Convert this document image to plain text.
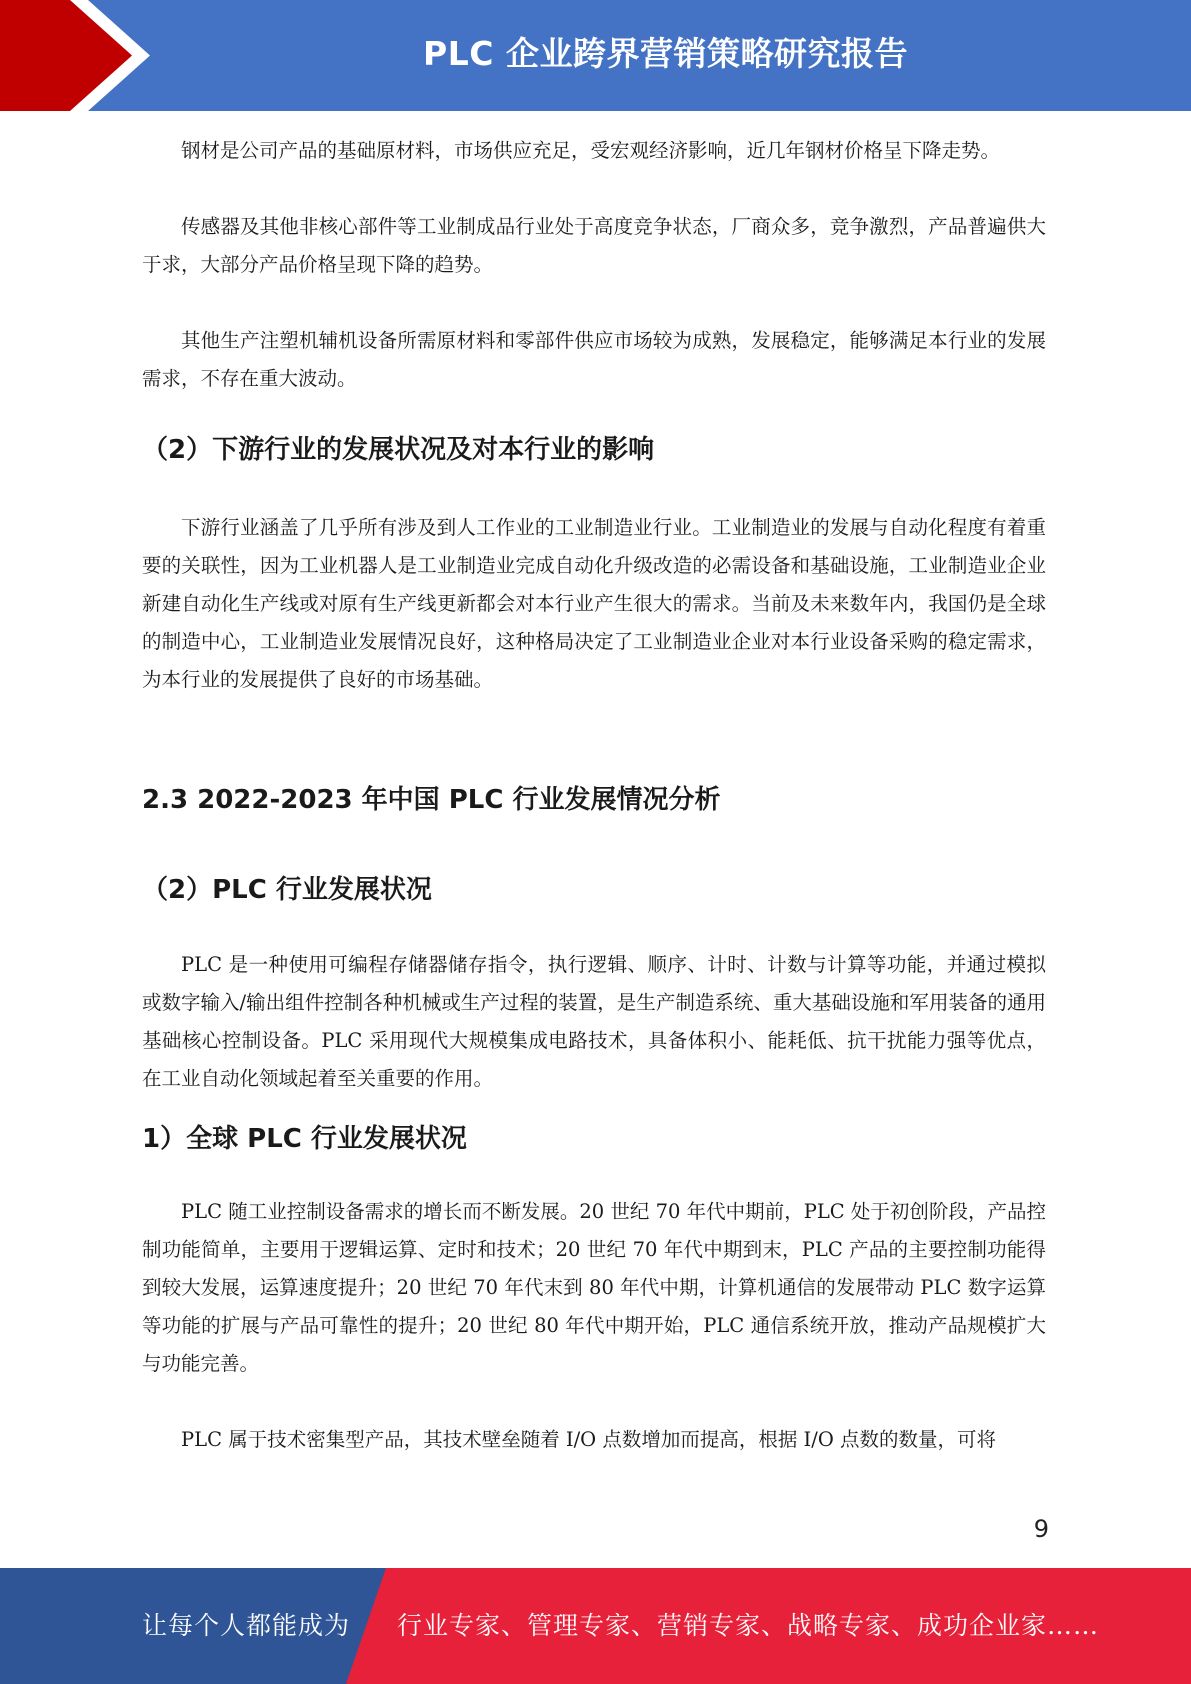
PLC 企业跨界营销策略研究报告

钢材是公司产品的基础原材料，市场供应充足，受宏观经济影响，近几年钢材价格呈下降走势。

传感器及其他非核心部件等工业制成品行业处于高度竞争状态，厂商众多，竞争激烈，产品普遍供大于求，大部分产品价格呈现下降的趋势。

其他生产注塑机辅机设备所需原材料和零部件供应市场较为成熟，发展稳定，能够满足本行业的发展需求，不存在重大波动。

（2）下游行业的发展状况及对本行业的影响

下游行业涵盖了几乎所有涉及到人工作业的工业制造业行业。工业制造业的发展与自动化程度有着重要的关联性，因为工业机器人是工业制造业完成自动化升级改造的必需设备和基础设施，工业制造业企业新建自动化生产线或对原有生产线更新都会对本行业产生很大的需求。当前及未来数年内，我国仍是全球的制造中心，工业制造业发展情况良好，这种格局决定了工业制造业企业对本行业设备采购的稳定需求，为本行业的发展提供了良好的市场基础。

2.3 2022-2023 年中国 PLC 行业发展情况分析
（2）PLC 行业发展状况

PLC 是一种使用可编程存储器储存指令，执行逻辑、顺序、计时、计数与计算等功能，并通过模拟或数字输入/输出组件控制各种机械或生产过程的装置，是生产制造系统、重大基础设施和军用装备的通用基础核心控制设备。PLC 采用现代大规模集成电路技术，具备体积小、能耗低、抗干扰能力强等优点，在工业自动化领域起着至关重要的作用。

1）全球 PLC 行业发展状况

PLC 随工业控制设备需求的增长而不断发展。20 世纪 70 年代中期前，PLC 处于初创阶段，产品控制功能简单，主要用于逻辑运算、定时和技术；20 世纪 70 年代中期到末，PLC 产品的主要控制功能得到较大发展，运算速度提升；20 世纪 70 年代末到 80 年代中期，计算机通信的发展带动 PLC 数字运算等功能的扩展与产品可靠性的提升；20 世纪 80 年代中期开始，PLC 通信系统开放，推动产品规模扩大与功能完善。

PLC 属于技术密集型产品，其技术壁垒随着 I/O 点数增加而提高，根据 I/O 点数的数量，可将

9
让每个人都能成为 行业专家、管理专家、营销专家、战略专家、成功企业家……
